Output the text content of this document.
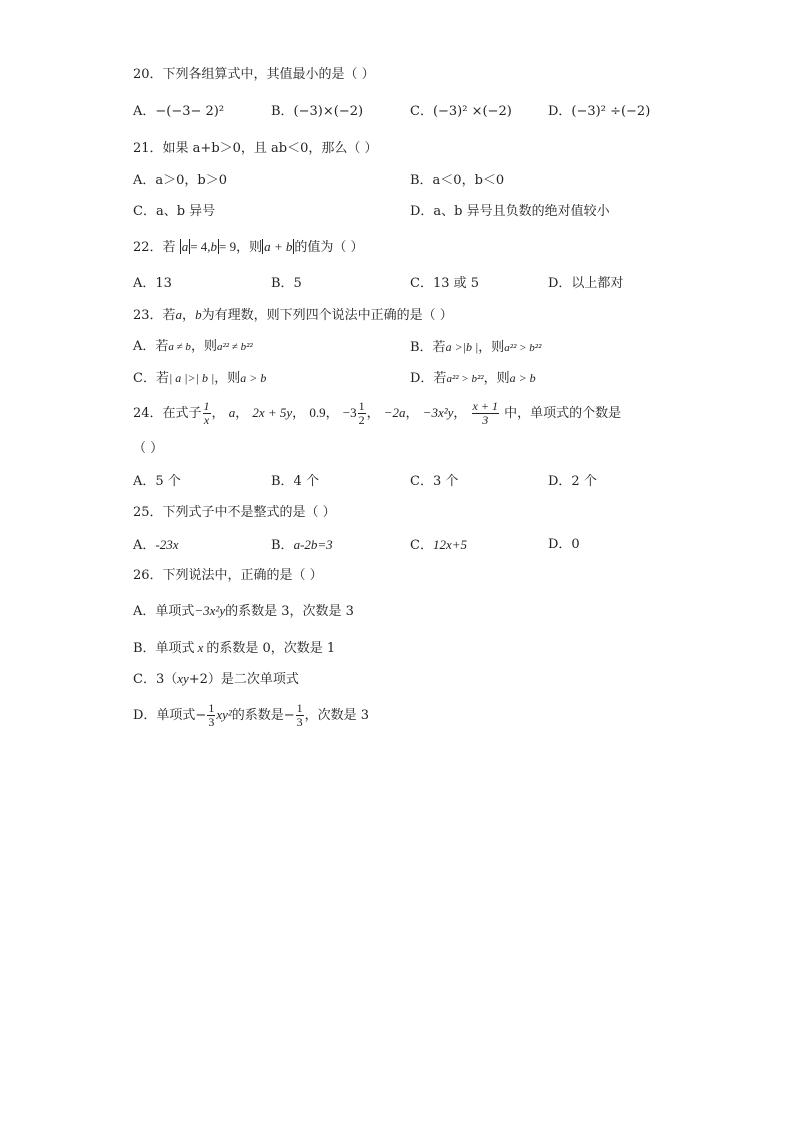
20．下列各组算式中，其值最小的是（ ）
A．−(−3− 2)²	B．(−3)×(−2)	C．(−3)² ×(−2)	D．(−3)² ÷(−2)
21．如果 a+b＞0，且 ab＜0，那么（ ）
A．a＞0，b＞0	B．a＜0，b＜0
C．a、b 异号	D．a、b 异号且负数的绝对值较小
22．若 a = 4,b = 9，则 a + b 的值为（ ）
A．13	B．5	C．13 或 5	D．以上都对
23．若a，b为有理数，则下列四个说法中正确的是（ ）
A．若a ≠ b，则a²² ≠ b²²	B．若a >|b |，则a²² > b²²
C．若| a |>| b |，则a > b	D．若a²² > b²²，则a > b
24．在式子 $\frac{1}{x}$ ， a， 2x + 5y， 0.9， $-3 \frac{1}{2}$ ， −2a， −3x²y， $\frac{x + 1}{3}$ 中，单项式的个数是
（ ）
A．5 个	B．4 个	C．3 个	D．2 个
25．下列式子中不是整式的是（ ）
A．-23x	B．a-2b=3	C．12x+5	D．0
26．下列说法中，正确的是（ ）
A．单项式−3x²y的系数是 3，次数是 3
B．单项式 x 的系数是 0，次数是 1
C．3（xy+2）是二次单项式
D．单项式− $\frac{1}{3} xy^2$的系数是− $\frac{1}{3}$ ，次数是 3
